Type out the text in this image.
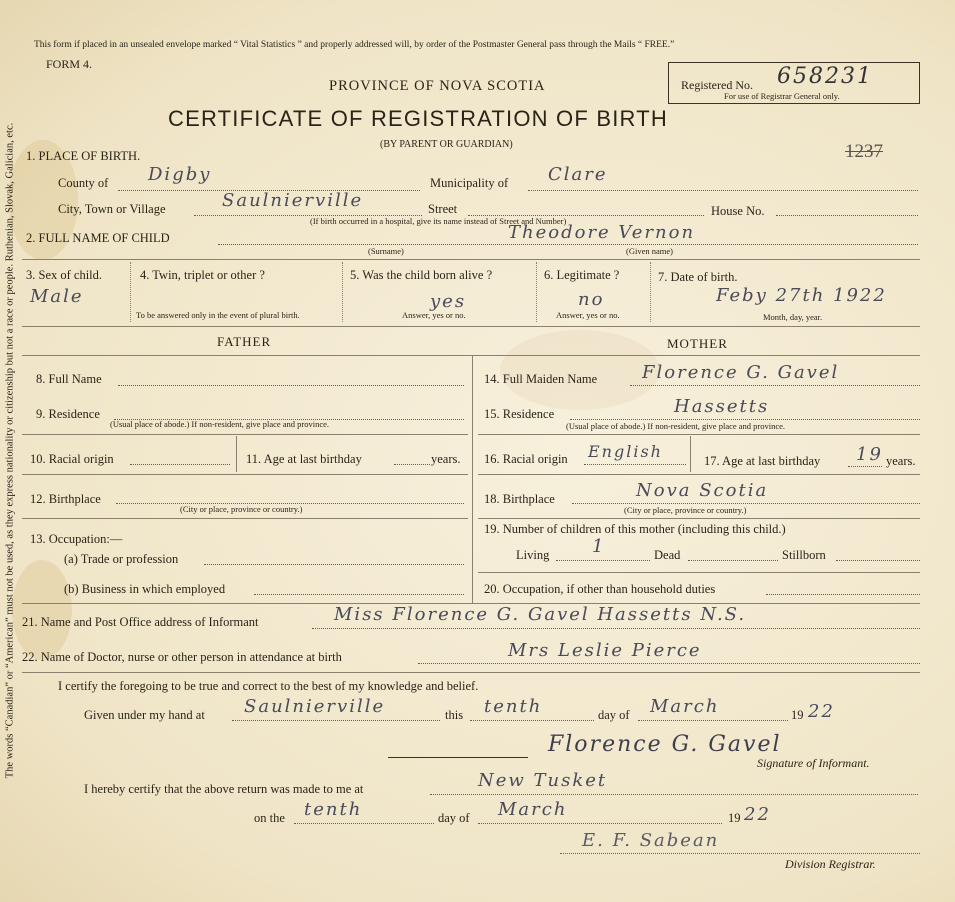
The words “Canadian” or “American” must not be used, as they express nationality or citizenship but not a race or people. Ruthenian, Slovak, Galician, etc.
This form if placed in an unsealed envelope marked “ Vital Statistics ” and properly addressed will, by order of the Postmaster General pass through the Mails “ FREE.”
FORM 4.
PROVINCE OF NOVA SCOTIA
CERTIFICATE OF REGISTRATION OF BIRTH
(BY PARENT OR GUARDIAN)
Registered No. 658231
For use of Registrar General only.
1237
1. PLACE OF BIRTH.
County of Digby	Municipality of Clare
City, Town or Village	Saulnierville	Street	House No.
(If birth occurred in a hospital, give its name instead of Street and Number)
2. FULL NAME OF CHILD	Theodore Vernon
(Surname)	(Given name)
3. Sex of child.
Male
4. Twin, triplet or other ?
To be answered only in the event of plural birth.
5. Was the child born alive ?
yes
Answer, yes or no.
6. Legitimate ?
no
Answer, yes or no.
7. Date of birth.
Feby 27th 1922
Month, day, year.
FATHER	MOTHER
8. Full Name
9. Residence
(Usual place of abode.) If non-resident, give place and province.
10. Racial origin	11. Age at last birthday	years.
12. Birthplace
(City or place, province or country.)
13. Occupation:—
(a) Trade or profession
(b) Business in which employed
14. Full Maiden Name Florence G. Gavel
15. Residence	Hassetts
(Usual place of abode.) If non-resident, give place and province.
16. Racial origin English	17. Age at last birthday 19 years.
18. Birthplace	Nova Scotia
(City or place, province or country.)
19. Number of children of this mother (including this child.)
Living 1	Dead	Stillborn
20. Occupation, if other than household duties
21. Name and Post Office address of Informant	Miss Florence G. Gavel Hassetts N.S.
22. Name of Doctor, nurse or other person in attendance at birth	Mrs Leslie Pierce
I certify the foregoing to be true and correct to the best of my knowledge and belief.
Given under my hand at Saulnierville	this tenth	day of March	19 22
Florence G. Gavel
Signature of Informant.
I hereby certify that the above return was made to me at	New Tusket
on the tenth	day of March	19 22
E. F. Sabean
Division Registrar.
